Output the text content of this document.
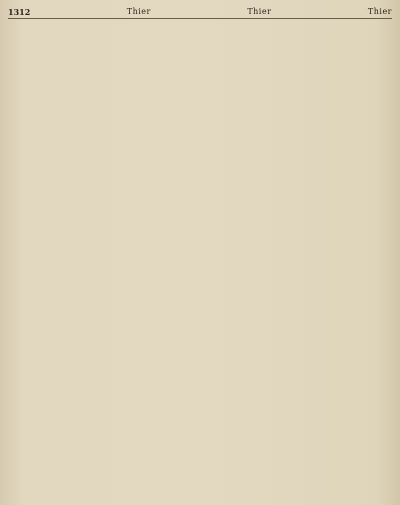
1312	Thier	Thier	Thier
